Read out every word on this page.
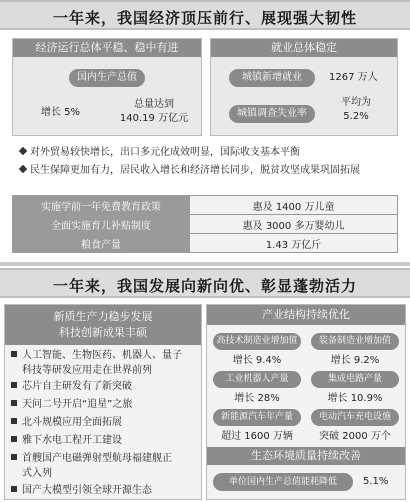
一年来，我国经济顶压前行、展现强大韧性
经济运行总体平稳、稳中有进
国内生产总值
增长 5%
总量达到
140.19 万亿元
就业总体稳定
城镇新增就业	1267 万人
城镇调查失业率
平均为
5.2%
对外贸易较快增长，出口多元化成效明显，国际收支基本平衡
民生保障更加有力，居民收入增长和经济增长同步，脱贫攻坚成果巩固拓展
实施学前一年免费教育政策	惠及 1400 万儿童
全面实施育儿补贴制度	惠及 3000 多万婴幼儿
粮食产量	1.43 万亿斤
一年来，我国发展向新向优、彰显蓬勃活力
新质生产力稳步发展
科技创新成果丰硕
人工智能、生物医药、机器人、量子
科技等研发应用走在世界前列
芯片自主研发有了新突破
天问二号开启“追星”之旅
北斗规模应用全面拓展
雅下水电工程开工建设
首艘国产电磁弹射型航母福建舰正
式入列
国产大模型引领全球开源生态
产业结构持续优化
高技术制造业增加值	装备制造业增加值
增长 9.4%	增长 9.2%
工业机器人产量	集成电路产量
增长 28%	增长 10.9%
新能源汽车年产量	电动汽车充电设施
超过 1600 万辆	突破 2000 万个
生态环境质量持续改善
单位国内生产总值能耗降低	5.1%
